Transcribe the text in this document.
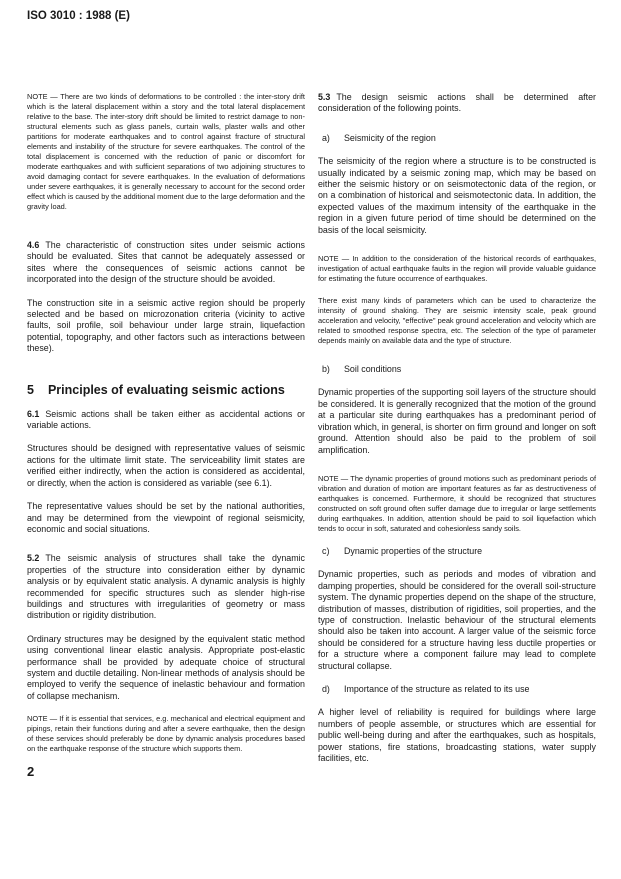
ISO 3010 : 1988 (E)

NOTE — There are two kinds of deformations to be controlled : the inter-story drift which is the lateral displacement within a story and the total lateral displacement relative to the base. The inter-story drift should be limited to restrict damage to non-structural elements such as glass panels, curtain walls, plaster walls and other partitions for moderate earthquakes and to control against fracture of structural elements and instability of the structure for severe earthquakes. The control of the total displacement is concerned with the reduction of panic or discomfort for moderate earthquakes and with sufficient separations of two adjoining structures to avoid damaging contact for severe earthquakes. In the evaluation of deformations under severe earthquakes, it is generally necessary to account for the second order effect which is caused by the additional moment due to the large deformation and the gravity load.

4.6 The characteristic of construction sites under seismic actions should be evaluated. Sites that cannot be adequately assessed or sites where the consequences of seismic actions cannot be incorporated into the design of the structure should be avoided.

The construction site in a seismic active region should be properly selected and be based on microzonation criteria (vicinity to active faults, soil profile, soil behaviour under large strain, liquefaction potential, topography, and other factors such as interactions between these).

5 Principles of evaluating seismic actions

6.1 Seismic actions shall be taken either as accidental actions or variable actions.

Structures should be designed with representative values of seismic actions for the ultimate limit state. The serviceability limit states are verified either indirectly, when the action is considered as accidental, or directly, when the action is considered as variable (see 6.1).

The representative values should be set by the national authorities, and may be determined from the viewpoint of regional seismicity, economic and social situations.

5.2 The seismic analysis of structures shall take the dynamic properties of the structure into consideration either by dynamic analysis or by equivalent static analysis. A dynamic analysis is highly recommended for specific structures such as slender high-rise buildings and structures with irregularities of geometry or mass distribution or rigidity distribution.

Ordinary structures may be designed by the equivalent static method using conventional linear elastic analysis. Appropriate post-elastic performance shall be provided by adequate choice of structural system and ductile detailing. Non-linear methods of analysis should be employed to verify the sequence of inelastic behaviour and formation of collapse mechanism.

NOTE — If it is essential that services, e.g. mechanical and electrical equipment and pipings, retain their functions during and after a severe earthquake, then the design of these services should preferably be done by dynamic analysis procedures based on the earthquake response of the structure which supports them.

2

5.3 The design seismic actions shall be determined after consideration of the following points.

a) Seismicity of the region

The seismicity of the region where a structure is to be constructed is usually indicated by a seismic zoning map, which may be based on either the seismic history or on seismotectonic data of the region, or on a combination of historical and seismotectonic data. In addition, the expected values of the maximum intensity of the earthquake in the region in a given future period of time should be determined on the basis of the local seismicity.

NOTE — In addition to the consideration of the historical records of earthquakes, investigation of actual earthquake faults in the region will provide valuable guidance for estimating the future occurrence of earthquakes.

There exist many kinds of parameters which can be used to characterize the intensity of ground shaking. They are seismic intensity scale, peak ground acceleration and velocity, "effective" peak ground acceleration and velocity which are related to smoothed response spectra, etc. The selection of the type of parameter depends mainly on available data and the type of structure.

b) Soil conditions

Dynamic properties of the supporting soil layers of the structure should be considered. It is generally recognized that the motion of the ground at a particular site during earthquakes has a predominant period of vibration which, in general, is shorter on firm ground and longer on soft ground. Attention should also be paid to the problem of soil amplification.

NOTE — The dynamic properties of ground motions such as predominant periods of vibration and duration of motion are important features as far as destructiveness of earthquakes is concerned. Furthermore, it should be recognized that structures constructed on soft ground often suffer damage due to irregular or large settlements during earthquakes. In addition, attention should be paid to soil liquefaction which tends to occur in soft, saturated and cohesionless sandy soils.

c) Dynamic properties of the structure

Dynamic properties, such as periods and modes of vibration and damping properties, should be considered for the overall soil-structure system. The dynamic properties depend on the shape of the structure, distribution of masses, distribution of rigidities, soil properties, and the type of construction. Inelastic behaviour of the structural elements should also be taken into account. A larger value of the seismic force should be considered for a structure having less ductile properties or for a structure where a component failure may lead to complete structural collapse.

d) Importance of the structure as related to its use

A higher level of reliability is required for buildings where large numbers of people assemble, or structures which are essential for public well-being during and after the earthquakes, such as hospitals, power stations, fire stations, broadcasting stations, water supply facilities, etc.
